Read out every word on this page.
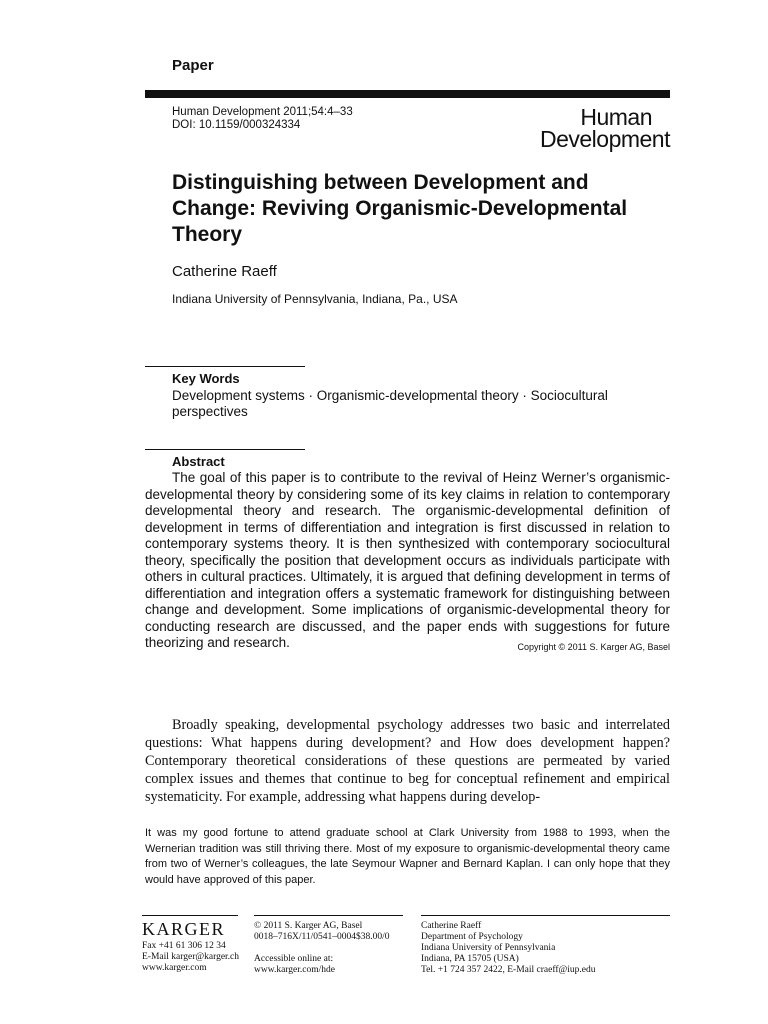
Paper
Human Development 2011;54:4–33
DOI: 10.1159/000324334	Human
Development
Distinguishing between Development and Change: Reviving Organismic-Developmental Theory
Catherine Raeff
Indiana University of Pennsylvania, Indiana, Pa., USA
Key Words
Development systems · Organismic-developmental theory · Sociocultural perspectives
Abstract
The goal of this paper is to contribute to the revival of Heinz Werner’s organismic-developmental theory by considering some of its key claims in relation to contemporary developmental theory and research. The organismic-developmental definition of development in terms of differentiation and integration is first discussed in relation to contemporary systems theory. It is then synthesized with contemporary sociocultural theory, specifically the position that development occurs as individuals participate with others in cultural practices. Ultimately, it is argued that defining development in terms of differentiation and integration offers a systematic framework for distinguishing between change and development. Some implications of organismic-developmental theory for conducting research are discussed, and the paper ends with suggestions for future theorizing and research.	Copyright © 2011 S. Karger AG, Basel

Broadly speaking, developmental psychology addresses two basic and interrelated questions: What happens during development? and How does development happen? Contemporary theoretical considerations of these questions are permeated by varied complex issues and themes that continue to beg for conceptual refinement and empirical systematicity. For example, addressing what happens during develop-

It was my good fortune to attend graduate school at Clark University from 1988 to 1993, when the Wernerian tradition was still thriving there. Most of my exposure to organismic-developmental theory came from two of Werner’s colleagues, the late Seymour Wapner and Bernard Kaplan. I can only hope that they would have approved of this paper.
KARGER
Fax +41 61 306 12 34
E-Mail karger@karger.ch
www.karger.com
© 2011 S. Karger AG, Basel
0018–716X/11/0541–0004$38.00/0
Accessible online at:
www.karger.com/hde
Catherine Raeff
Department of Psychology
Indiana University of Pennsylvania
Indiana, PA 15705 (USA)
Tel. +1 724 357 2422, E-Mail craeff@iup.edu
